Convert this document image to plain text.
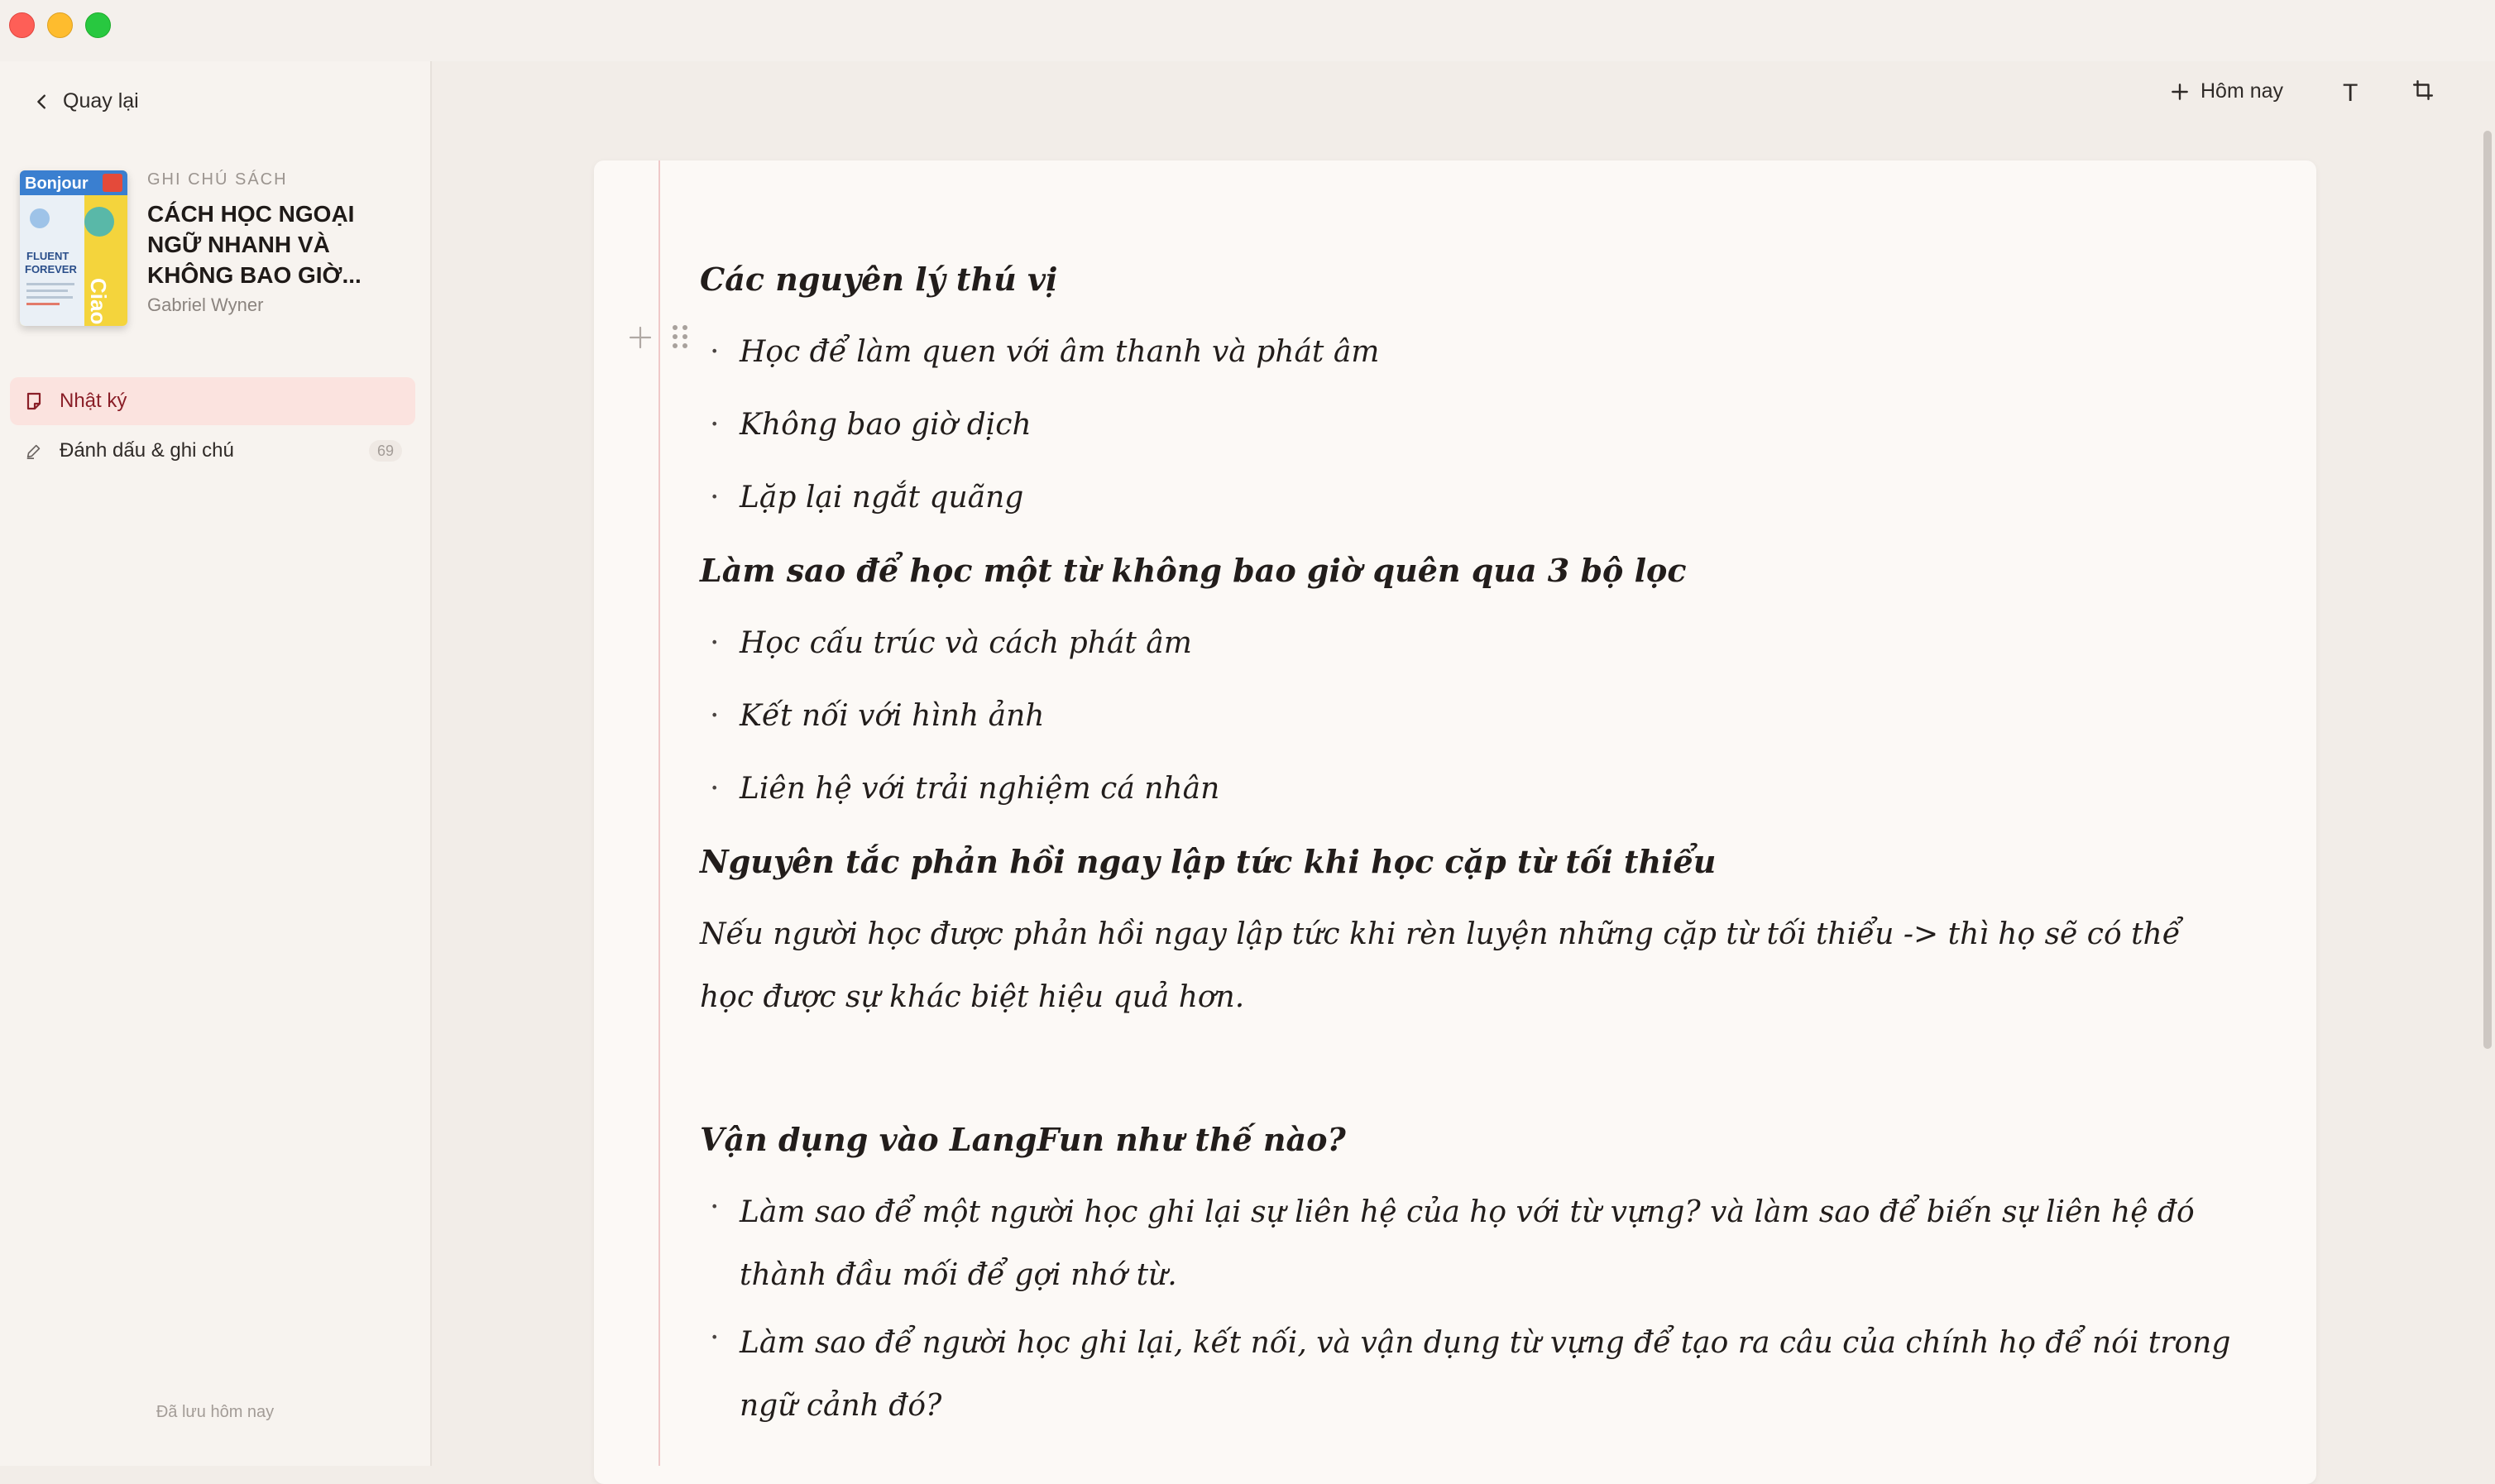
Quay lại
Bonjour
FLUENT
FOREVER
Ciao
GHI CHÚ SÁCH
CÁCH HỌC NGOẠI NGỮ NHANH VÀ KHÔNG BAO GIỜ...
Gabriel Wyner
Nhật ký
Đánh dấu & ghi chú	69
Đã lưu hôm nay
Hôm nay T
Các nguyên lý thú vị
· Học để làm quen với âm thanh và phát âm
· Không bao giờ dịch
· Lặp lại ngắt quãng
Làm sao để học một từ không bao giờ quên qua 3 bộ lọc
· Học cấu trúc và cách phát âm
· Kết nối với hình ảnh
· Liên hệ với trải nghiệm cá nhân
Nguyên tắc phản hồi ngay lập tức khi học cặp từ tối thiểu
Nếu người học được phản hồi ngay lập tức khi rèn luyện những cặp từ tối thiểu -> thì họ sẽ có thể học được sự khác biệt hiệu quả hơn.
Vận dụng vào LangFun như thế nào?
· Làm sao để một người học ghi lại sự liên hệ của họ với từ vựng? và làm sao để biến sự liên hệ đó thành đầu mối để gợi nhớ từ.
· Làm sao để người học ghi lại, kết nối, và vận dụng từ vựng để tạo ra câu của chính họ để nói trong ngữ cảnh đó?
